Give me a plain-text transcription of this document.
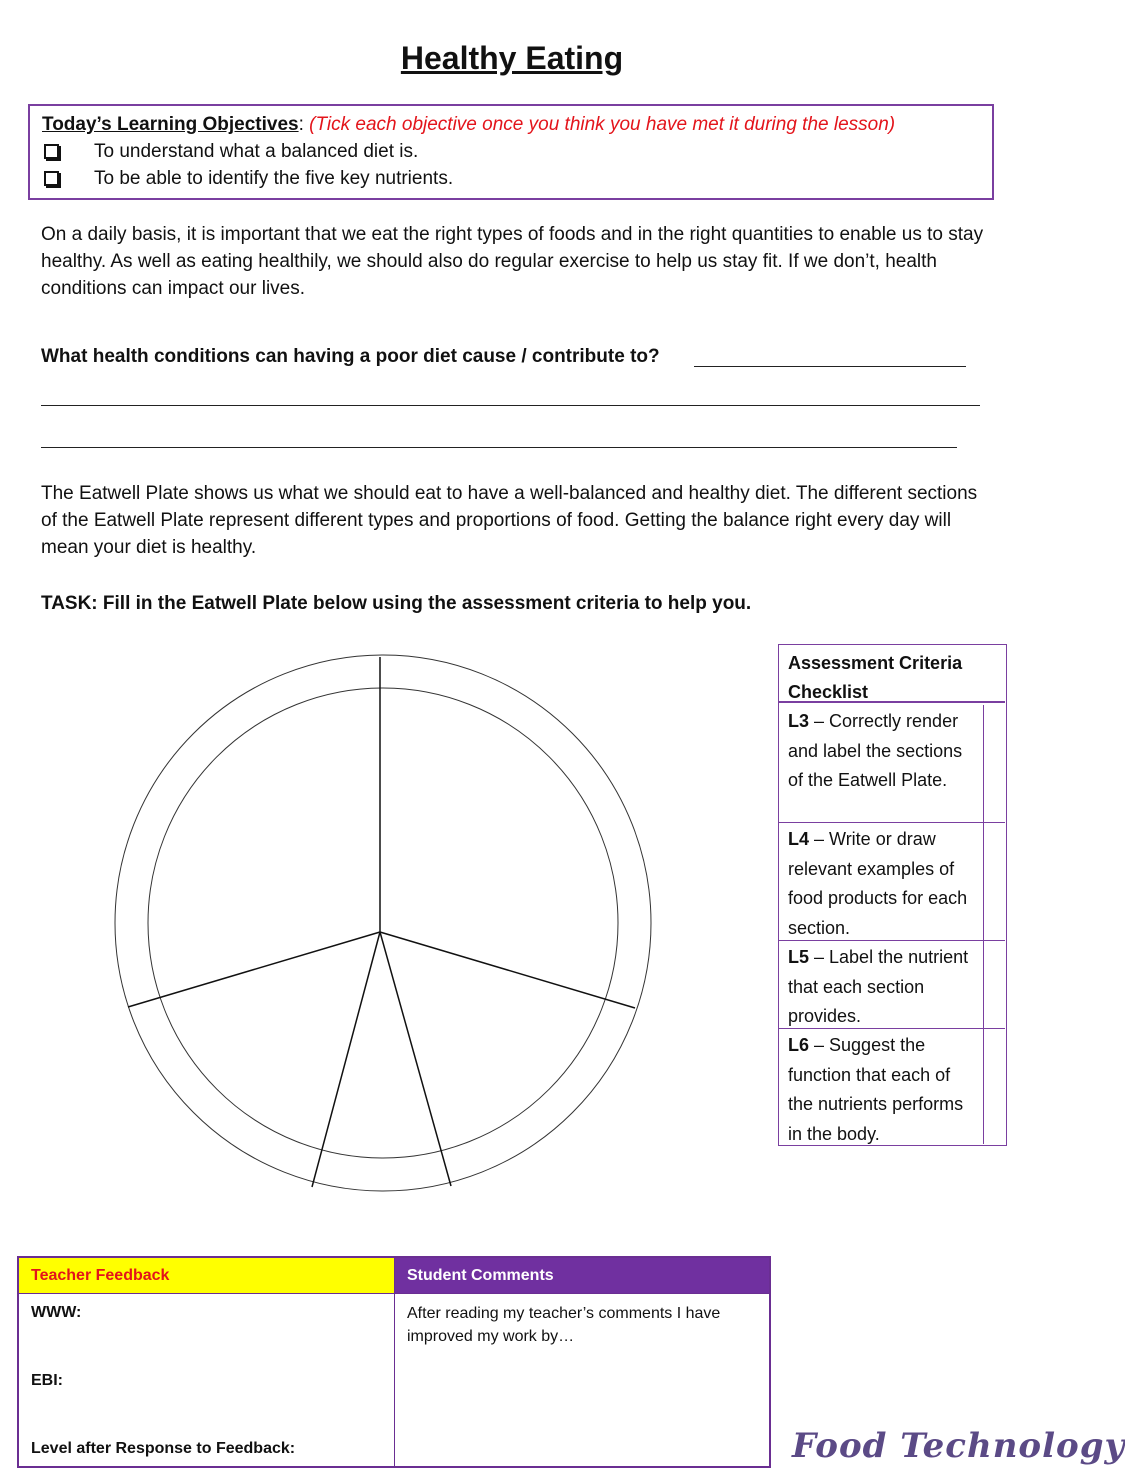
Healthy Eating
Today’s Learning Objectives: (Tick each objective once you think you have met it during the lesson)
To understand what a balanced diet is.
To be able to identify the five key nutrients.
On a daily basis, it is important that we eat the right types of foods and in the right quantities to enable us to stay healthy. As well as eating healthily, we should also do regular exercise to help us stay fit. If we don’t, health conditions can impact our lives.
What health conditions can having a poor diet cause / contribute to?
The Eatwell Plate shows us what we should eat to have a well-balanced and healthy diet. The different sections of the Eatwell Plate represent different types and proportions of food. Getting the balance right every day will mean your diet is healthy.
TASK: Fill in the Eatwell Plate below using the assessment criteria to help you.
Assessment Criteria Checklist
L3 – Correctly render and label the sections of the Eatwell Plate.
L4 – Write or draw relevant examples of food products for each section.
L5 – Label the nutrient that each section provides.
L6 – Suggest the function that each of the nutrients performs in the body.
Teacher Feedback	Student Comments
WWW:
EBI:
Level after Response to Feedback:
After reading my teacher’s comments I have improved my work by…
Food Technology
